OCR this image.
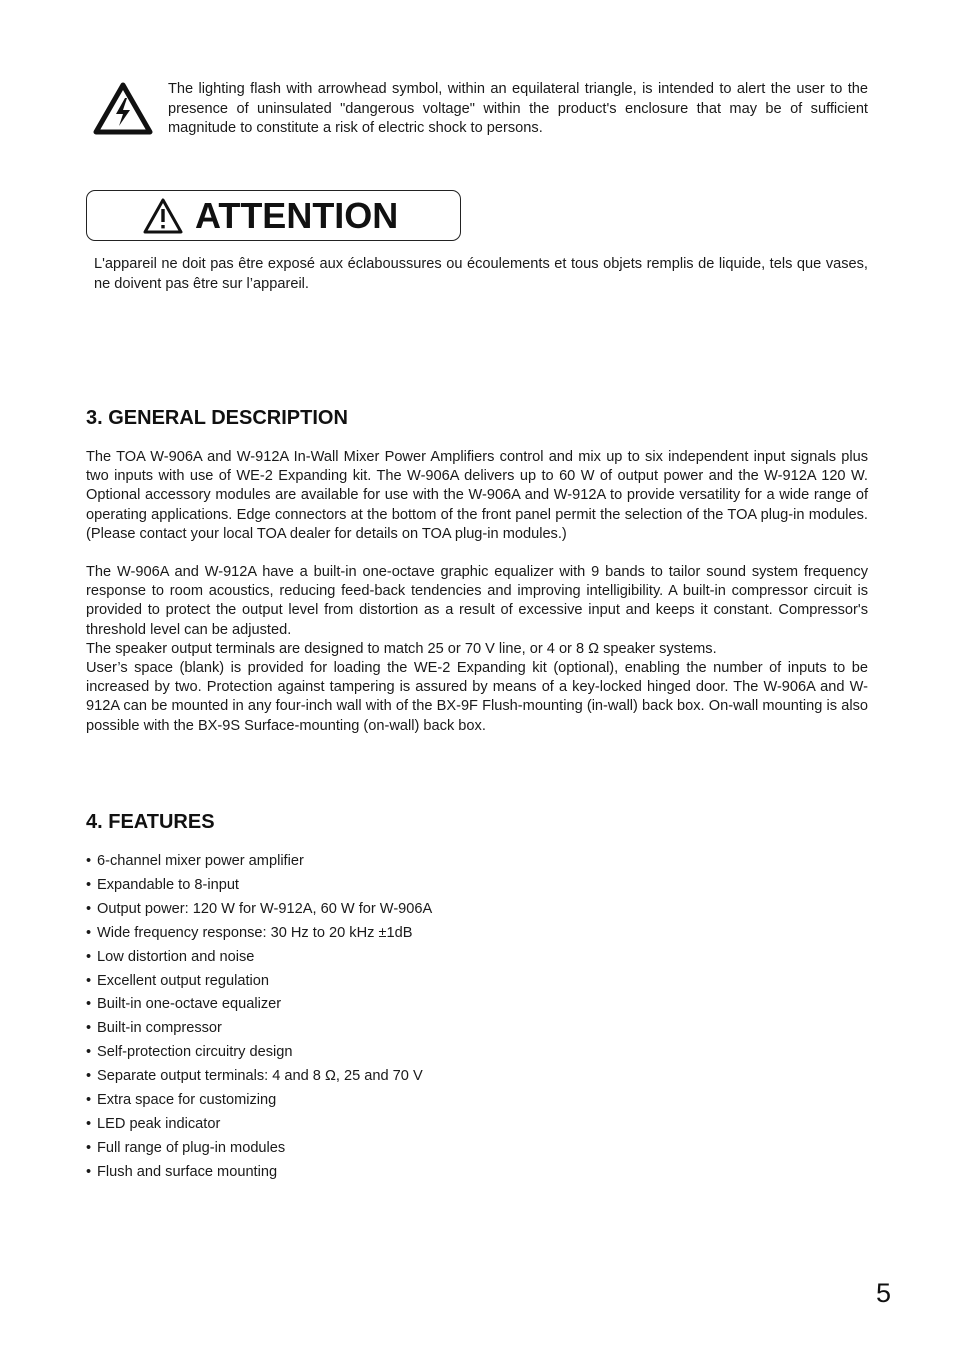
The lighting flash with arrowhead symbol, within an equilateral triangle, is intended to alert the user to the presence of uninsulated "dangerous voltage" within the product's enclosure that may be of sufficient magnitude to constitute a risk of electric shock to persons.
ATTENTION
L'appareil ne doit pas être exposé aux éclaboussures ou écoulements et tous objets remplis de liquide, tels que vases, ne doivent pas être sur l’appareil.
3. GENERAL DESCRIPTION
The TOA W-906A and W-912A In-Wall Mixer Power Amplifiers control and mix up to six independent input signals plus two inputs with use of WE-2 Expanding kit. The W-906A delivers up to 60 W of output power and the W-912A 120 W. Optional accessory modules are available for use with the W-906A and W-912A to provide versatility for a wide range of operating applications. Edge connectors at the bottom of the front panel permit the selection of the TOA plug-in modules. (Please contact your local TOA dealer for details on TOA plug-in modules.)
The W-906A and W-912A have a built-in one-octave graphic equalizer with 9 bands to tailor sound system frequency response to room acoustics, reducing feed-back tendencies and improving intelligibility. A built-in compressor circuit is provided to protect the output level from distortion as a result of excessive input and keeps it constant. Compressor's threshold level can be adjusted.
The speaker output terminals are designed to match 25 or 70 V line, or 4 or 8 Ω speaker systems.
User’s space (blank) is provided for loading the WE-2 Expanding kit (optional), enabling the number of inputs to be increased by two. Protection against tampering is assured by means of a key-locked hinged door. The W-906A and W-912A can be mounted in any four-inch wall with of the BX-9F Flush-mounting (in-wall) back box. On-wall mounting is also possible with the BX-9S Surface-mounting (on-wall) back box.
4. FEATURES
• 6-channel mixer power amplifier
• Expandable to 8-input
• Output power: 120 W for W-912A, 60 W for W-906A
• Wide frequency response: 30 Hz to 20 kHz ±1dB
• Low distortion and noise
• Excellent output regulation
• Built-in one-octave equalizer
• Built-in compressor
• Self-protection circuitry design
• Separate output terminals: 4 and 8 Ω, 25 and 70 V
• Extra space for customizing
• LED peak indicator
• Full range of plug-in modules
• Flush and surface mounting
5
